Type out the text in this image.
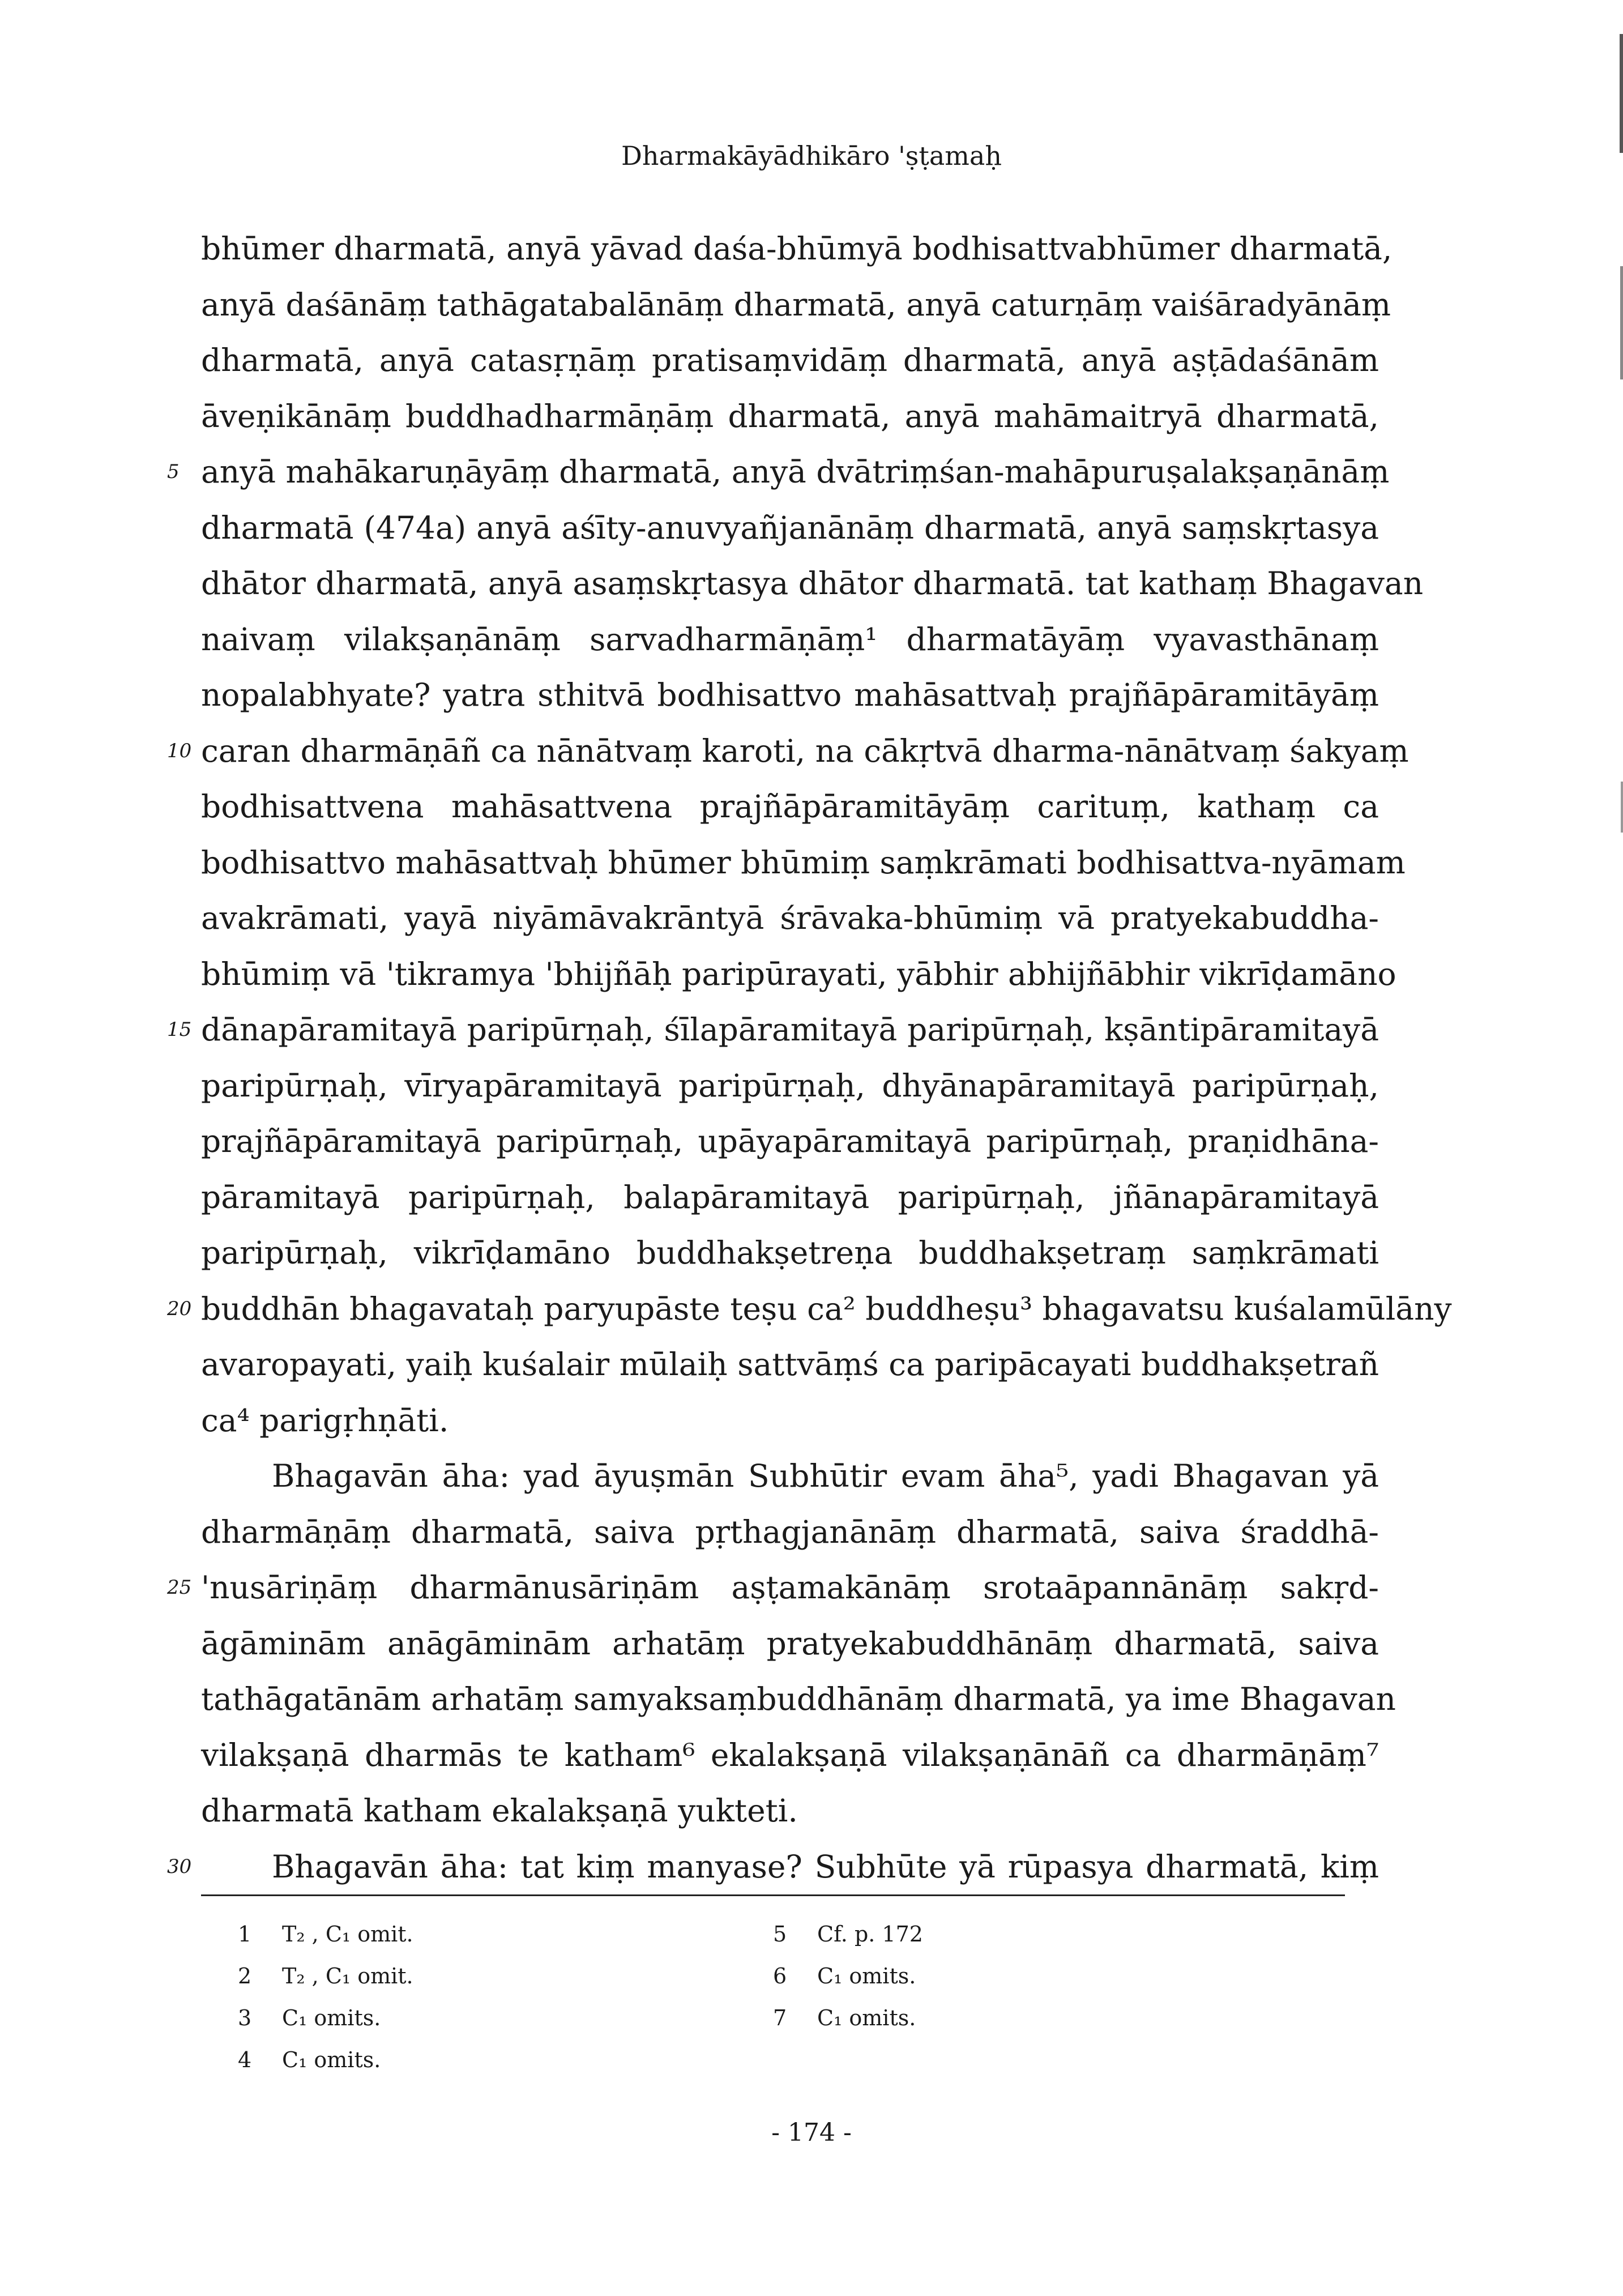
Dharmakāyādhikāro 'ṣṭamaḥ
bhūmer dharmatā, anyā yāvad daśa-bhūmyā bodhisattvabhūmer dharmatā,
anyā daśānāṃ tathāgatabalānāṃ dharmatā, anyā caturṇāṃ vaiśāradyānāṃ
dharmatā, anyā catasṛṇāṃ pratisaṃvidāṃ dharmatā, anyā aṣṭādaśānām
āveṇikānāṃ buddhadharmāṇāṃ dharmatā, anyā mahāmaitryā dharmatā,
5 anyā mahākaruṇāyāṃ dharmatā, anyā dvātriṃśan-mahāpuruṣalakṣaṇānāṃ
dharmatā (474a) anyā aśīty-anuvyañjanānāṃ dharmatā, anyā saṃskṛtasya
dhātor dharmatā, anyā asaṃskṛtasya dhātor dharmatā. tat kathaṃ Bhagavan
naivaṃ vilakṣaṇānāṃ sarvadharmāṇāṃ¹ dharmatāyāṃ vyavasthānaṃ
nopalabhyate? yatra sthitvā bodhisattvo mahāsattvaḥ prajñāpāramitāyāṃ
10 caran dharmāṇāñ ca nānātvaṃ karoti, na cākṛtvā dharma-nānātvaṃ śakyaṃ
bodhisattvena mahāsattvena prajñāpāramitāyāṃ carituṃ, kathaṃ ca
bodhisattvo mahāsattvaḥ bhūmer bhūmiṃ saṃkrāmati bodhisattva-nyāmam
avakrāmati, yayā niyāmāvakrāntyā śrāvaka-bhūmiṃ vā pratyekabuddha-
bhūmiṃ vā 'tikramya 'bhijñāḥ paripūrayati, yābhir abhijñābhir vikrīḍamāno
15 dānapāramitayā paripūrṇaḥ, śīlapāramitayā paripūrṇaḥ, kṣāntipāramitayā
paripūrṇaḥ, vīryapāramitayā paripūrṇaḥ, dhyānapāramitayā paripūrṇaḥ,
prajñāpāramitayā paripūrṇaḥ, upāyapāramitayā paripūrṇaḥ, praṇidhāna-
pāramitayā paripūrṇaḥ, balapāramitayā paripūrṇaḥ, jñānapāramitayā
paripūrṇaḥ, vikrīḍamāno buddhakṣetreṇa buddhakṣetraṃ saṃkrāmati
20 buddhān bhagavataḥ paryupāste teṣu ca² buddheṣu³ bhagavatsu kuśalamūlāny
avaropayati, yaiḥ kuśalair mūlaiḥ sattvāṃś ca paripācayati buddhakṣetrañ
ca⁴ parigṛhṇāti.
Bhagavān āha: yad āyuṣmān Subhūtir evam āha⁵, yadi Bhagavan yā
dharmāṇāṃ dharmatā, saiva pṛthagjanānāṃ dharmatā, saiva śraddhā-
25 'nusāriṇāṃ dharmānusāriṇām aṣṭamakānāṃ srotaāpannānāṃ sakṛd-
āgāminām anāgāminām arhatāṃ pratyekabuddhānāṃ dharmatā, saiva
tathāgatānām arhatāṃ samyaksaṃbuddhānāṃ dharmatā, ya ime Bhagavan
vilakṣaṇā dharmās te katham⁶ ekalakṣaṇā vilakṣaṇānāñ ca dharmāṇāṃ⁷
dharmatā katham ekalakṣaṇā yukteti.
30	Bhagavān āha: tat kiṃ manyase? Subhūte yā rūpasya dharmatā, kiṃ
1 T₂ , C₁ omit.
2 T₂ , C₁ omit.
3 C₁ omits.
4 C₁ omits.
5 Cf. p. 172
6 C₁ omits.
7 C₁ omits.
- 174 -
